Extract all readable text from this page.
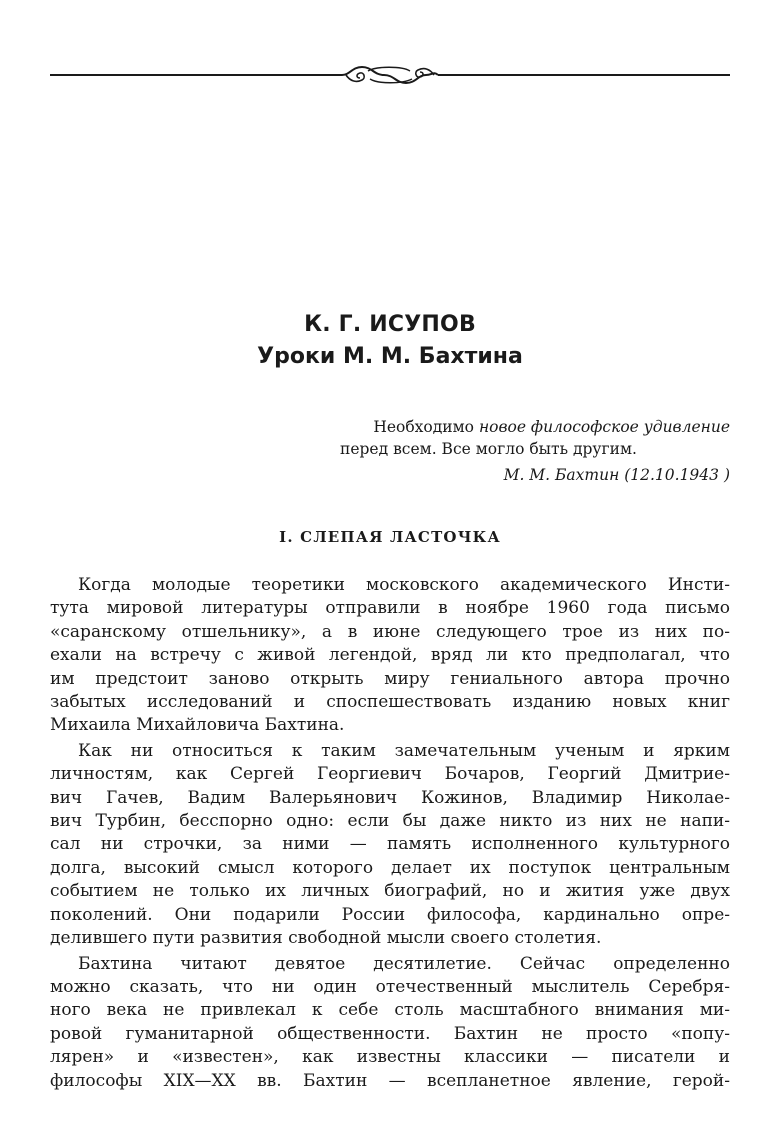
К. Г. ИСУПОВ
Уроки М. М. Бахтина
Необходимо новое философское удивление
перед всем. Все могло быть другим.
М. М. Бахтин (12.10.1943 )
I. СЛЕПАЯ ЛАСТОЧКА

Когда молодые теоретики московского академического Инсти-
тута мировой литературы отправили в ноябре 1960 года письмо
«саранскому отшельнику», а в июне следующего трое из них по-
ехали на встречу с живой легендой, вряд ли кто предполагал, что
им предстоит заново открыть миру гениального автора прочно
забытых исследований и споспешествовать изданию новых книг
Михаила Михайловича Бахтина.

Как ни относиться к таким замечательным ученым и ярким
личностям, как Сергей Георгиевич Бочаров, Георгий Дмитрие-
вич Гачев, Вадим Валерьянович Кожинов, Владимир Николае-
вич Турбин, бесспорно одно: если бы даже никто из них не напи-
сал ни строчки, за ними — память исполненного культурного
долга, высокий смысл которого делает их поступок центральным
событием не только их личных биографий, но и жития уже двух
поколений. Они подарили России философа, кардинально опре-
делившего пути развития свободной мысли своего столетия.

Бахтина читают девятое десятилетие. Сейчас определенно
можно сказать, что ни один отечественный мыслитель Серебря-
ного века не привлекал к себе столь масштабного внимания ми-
ровой гуманитарной общественности. Бахтин не просто «попу-
лярен» и «известен», как известны классики — писатели и
философы XIX—XX вв. Бахтин — всепланетное явление, герой-
